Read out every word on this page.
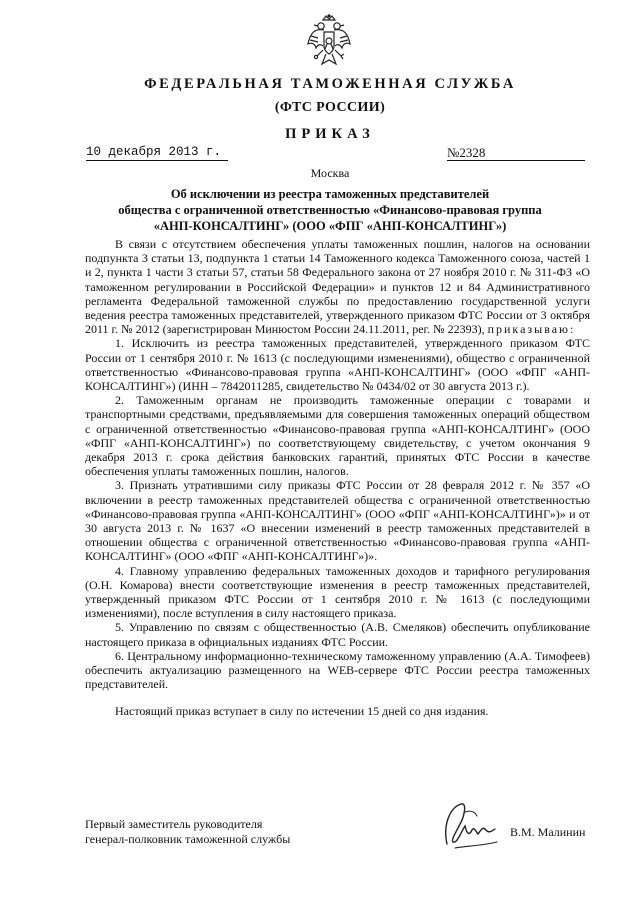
ФЕДЕРАЛЬНАЯ ТАМОЖЕННАЯ СЛУЖБА
(ФТС РОССИИ)
ПРИКАЗ
10 декабря 2013 г.	№2328
Москва
Об исключении из реестра таможенных представителей
общества с ограниченной ответственностью «Финансово-правовая группа
«АНП-КОНСАЛТИНГ» (ООО «ФПГ «АНП-КОНСАЛТИНГ»)

В связи с отсутствием обеспечения уплаты таможенных пошлин, налогов на основании подпункта 3 статьи 13, подпункта 1 статьи 14 Таможенного кодекса Таможенного союза, частей 1 и 2, пункта 1 части 3 статьи 57, статьи 58 Федерального закона от 27 ноября 2010 г. № 311-ФЗ «О таможенном регулировании в Российской Федерации» и пунктов 12 и 84 Административного регламента Федеральной таможенной службы по предоставлению государственной услуги ведения реестра таможенных представителей, утвержденного приказом ФТС России от 3 октября 2011 г. № 2012 (зарегистрирован Минюстом России 24.11.2011, рег. № 22393), приказываю:

1. Исключить из реестра таможенных представителей, утвержденного приказом ФТС России от 1 сентября 2010 г. № 1613 (с последующими изменениями), общество с ограниченной ответственностью «Финансово-правовая группа «АНП-КОНСАЛТИНГ» (ООО «ФПГ «АНП-КОНСАЛТИНГ») (ИНН – 7842011285, свидетельство № 0434/02 от 30 августа 2013 г.).

2. Таможенным органам не производить таможенные операции с товарами и транспортными средствами, предъявляемыми для совершения таможенных операций обществом с ограниченной ответственностью «Финансово-правовая группа «АНП-КОНСАЛТИНГ» (ООО «ФПГ «АНП-КОНСАЛТИНГ») по соответствующему свидетельству, с учетом окончания 9 декабря 2013 г. срока действия банковских гарантий, принятых ФТС России в качестве обеспечения уплаты таможенных пошлин, налогов.

3. Признать утратившими силу приказы ФТС России от 28 февраля 2012 г. № 357 «О включении в реестр таможенных представителей общества с ограниченной ответственностью «Финансово-правовая группа «АНП-КОНСАЛТИНГ» (ООО «ФПГ «АНП-КОНСАЛТИНГ»)» и от 30 августа 2013 г. № 1637 «О внесении изменений в реестр таможенных представителей в отношении общества с ограниченной ответственностью «Финансово-правовая группа «АНП-КОНСАЛТИНГ» (ООО «ФПГ «АНП-КОНСАЛТИНГ»)».

4. Главному управлению федеральных таможенных доходов и тарифного регулирования (О.Н. Комарова) внести соответствующие изменения в реестр таможенных представителей, утвержденный приказом ФТС России от 1 сентября 2010 г. № 1613 (с последующими изменениями), после вступления в силу настоящего приказа.

5. Управлению по связям с общественностью (А.В. Смеляков) обеспечить опубликование настоящего приказа в официальных изданиях ФТС России.

6. Центральному информационно-техническому таможенному управлению (А.А. Тимофеев) обеспечить актуализацию размещенного на WEB-сервере ФТС России реестра таможенных представителей.

Настоящий приказ вступает в силу по истечении 15 дней со дня издания.

Первый заместитель руководителя
генерал-полковник таможенной службы	В.М. Малинин
